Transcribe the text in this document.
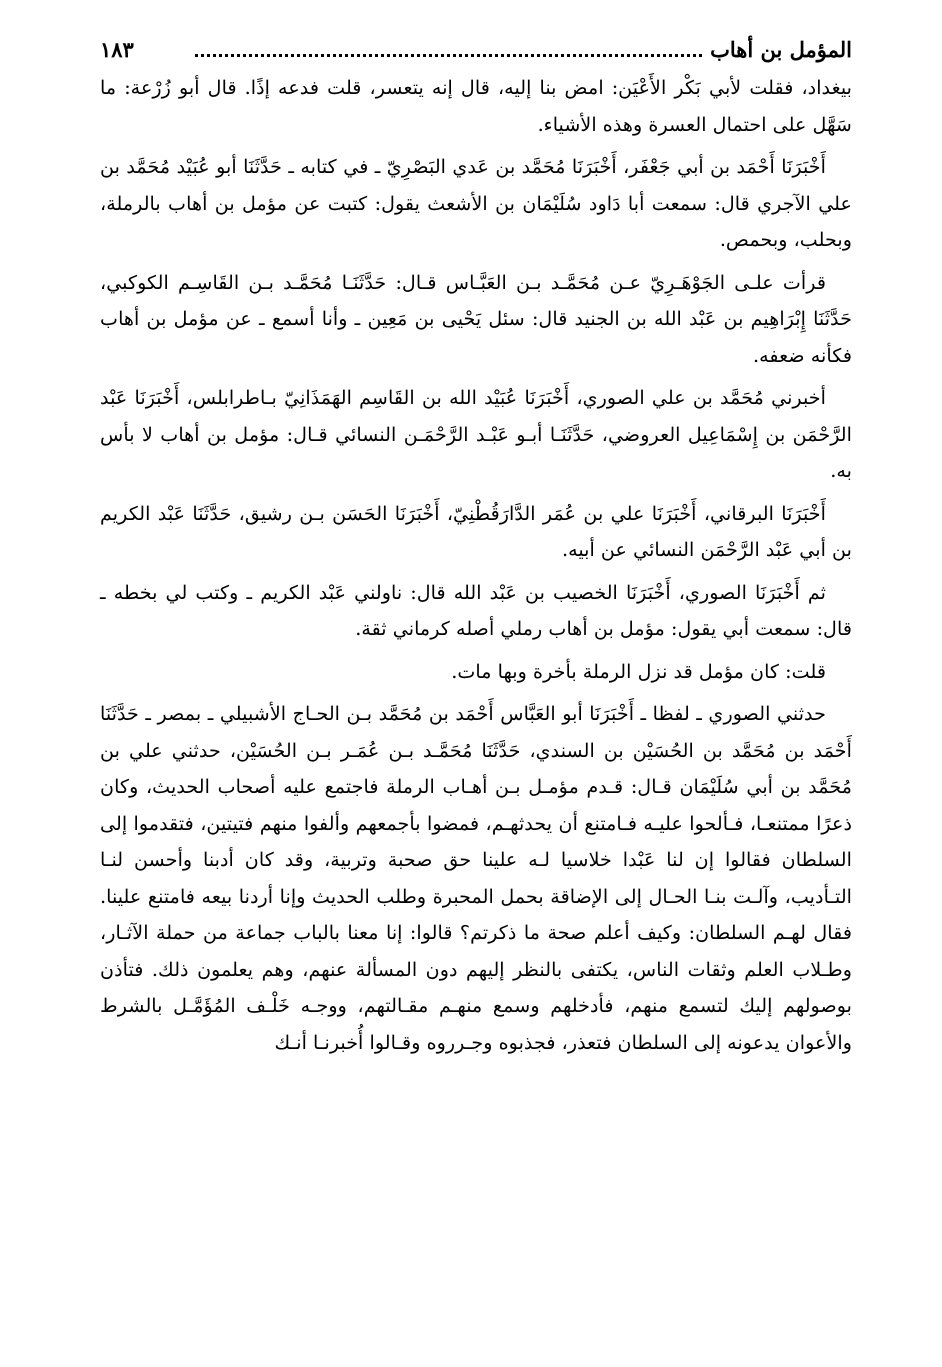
المؤمل بن أهاب
١٨٣

بيغداد، فقلت لأبي بَكْر الأَعْيَن: امض بنا إليه، قال إنه يتعسر، قلت فدعه إذًا. قال أبو زُرْعة: ما سَهَّل على احتمال العسرة وهذه الأشياء.

أَخْبَرَنَا أَحْمَد بن أبي جَعْفَر، أَخْبَرَنَا مُحَمَّد بن عَدي البَصْرِيّ ـ في كتابه ـ حَدَّثَنَا أبو عُبَيْد مُحَمَّد بن علي الآجري قال: سمعت أبا دَاود سُلَيْمَان بن الأشعث يقول: كتبت عن مؤمل بن أهاب بالرملة، وبحلب، وبحمص.

قرأت علـى الجَوْهَـرِيّ عـن مُحَمَّـد بـن العَبَّـاس قـال: حَدَّثَنَـا مُحَمَّـد بـن القَاسِـم الكوكبي، حَدَّثَنَا إِبْرَاهِيم بن عَبْد الله بن الجنيد قال: سئل يَحْيى بن مَعِين ـ وأنا أسمع ـ عن مؤمل بن أهاب فكأنه ضعفه.

أخبرني مُحَمَّد بن علي الصوري، أَخْبَرَنَا عُبَيْد الله بن القَاسِم الهَمَذَانِيّ بـاطرابلس، أَخْبَرَنَا عَبْد الرَّحْمَن بن إِسْمَاعِيل العروضي، حَدَّثَنَـا أبـو عَبْـد الرَّحْمَـن النسائي قـال: مؤمل بن أهاب لا بأس به.

أَخْبَرَنَا البرقاني، أَخْبَرَنَا علي بن عُمَر الدَّارَقُطْنِيّ، أَخْبَرَنَا الحَسَن بـن رشيق، حَدَّثَنَا عَبْد الكريم بن أبي عَبْد الرَّحْمَن النسائي عن أبيه.

ثم أَخْبَرَنَا الصوري، أَخْبَرَنَا الخصيب بن عَبْد الله قال: ناولني عَبْد الكريم ـ وكتب لي بخطه ـ قال: سمعت أبي يقول: مؤمل بن أهاب رملي أصله كرماني ثقة.

قلت: كان مؤمل قد نزل الرملة بأخرة وبها مات.

حدثني الصوري ـ لفظا ـ أَخْبَرَنَا أبو العَبَّاس أَحْمَد بن مُحَمَّد بـن الحـاج الأشبيلي ـ بمصر ـ حَدَّثَنَا أَحْمَد بن مُحَمَّد بن الحُسَيْن بن السندي، حَدَّثَنَا مُحَمَّـد بـن عُمَـر بـن الحُسَيْن، حدثني علي بن مُحَمَّد بن أبي سُلَيْمَان قـال: قـدم مؤمـل بـن أهـاب الرملة فاجتمع عليه أصحاب الحديث، وكان ذعرًا ممتنعـا، فـألحوا عليـه فـامتنع أن يحدثهـم، فمضوا بأجمعهم وألفوا منهم فتيتين، فتقدموا إلى السلطان فقالوا إن لنا عَبْدا خلاسيا لـه علينا حق صحبة وتربية، وقد كان أدبنا وأحسن لنـا التـأديب، وآلـت بنـا الحـال إلى الإضاقة بحمل المحبرة وطلب الحديث وإنا أردنا بيعه فامتنع علينا. فقال لهـم السلطان: وكيف أعلم صحة ما ذكرتم؟ قالوا: إنا معنا بالباب جماعة من حملة الآثـار، وطـلاب العلم وثقات الناس، يكتفى بالنظر إليهم دون المسألة عنهم، وهم يعلمون ذلك. فتأذن بوصولهم إليك لتسمع منهم، فأدخلهم وسمع منهـم مقـالتهم، ووجـه خَلْـف المُؤَمَّـل بالشرط والأعوان يدعونه إلى السلطان فتعذر، فجذبوه وجـرروه وقـالوا أُخبرنـا أنـك
